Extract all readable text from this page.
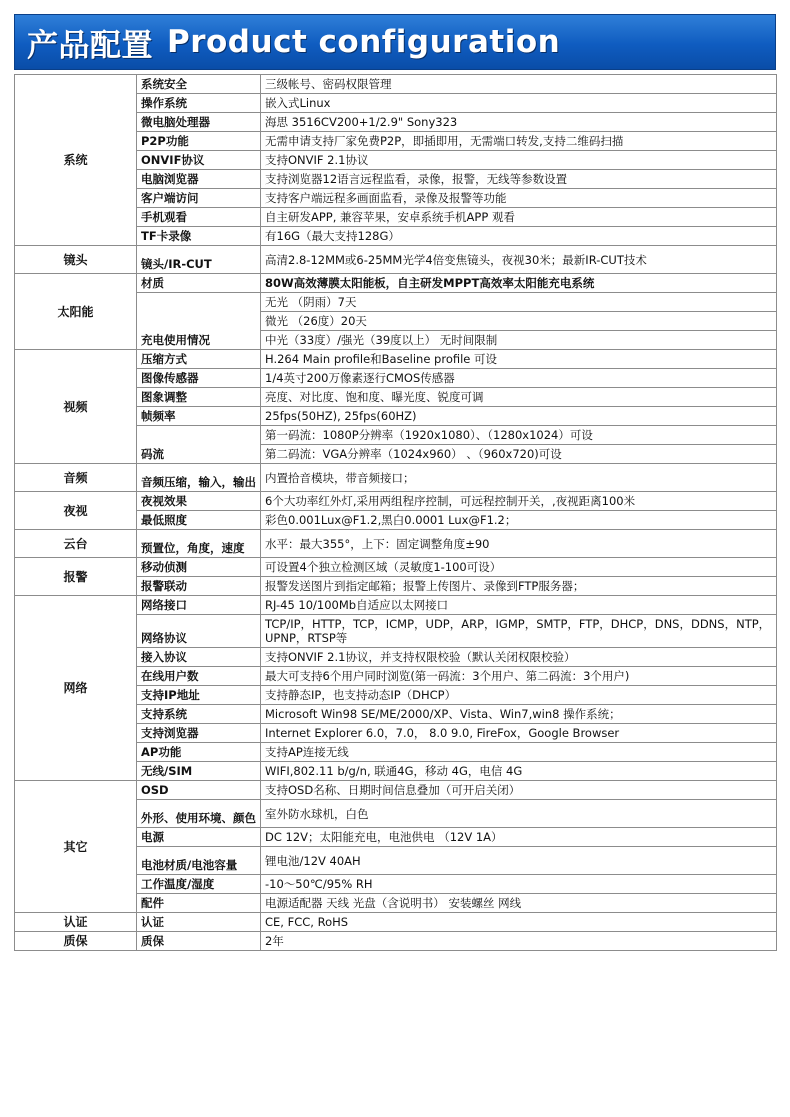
产品配置 Product configuration
系统	系统安全	三级帐号、密码权限管理
	操作系统	嵌入式Linux
	微电脑处理器	海思 3516CV200+1/2.9" Sony323
	P2P功能	无需申请支持厂家免费P2P，即插即用，无需端口转发,支持二维码扫描
	ONVIF协议	支持ONVIF 2.1协议
	电脑浏览器	支持浏览器12语言远程监看，录像，报警，无线等参数设置
	客户端访问	支持客户端远程多画面监看，录像及报警等功能
	手机观看	自主研发APP, 兼容苹果，安卓系统手机APP 观看
	TF卡录像	有16G（最大支持128G）
镜头	镜头/IR-CUT	高清2.8-12MM或6-25MM光学4倍变焦镜头，夜视30米；最新IR-CUT技术
太阳能	材质	80W高效薄膜太阳能板，自主研发MPPT高效率太阳能充电系统
	充电使用情况	无光 （阴雨）7天
		微光 （26度）20天
		中光（33度）/强光（39度以上） 无时间限制
视频	压缩方式	H.264 Main profile和Baseline profile 可设
	图像传感器	1/4英寸200万像素逐行CMOS传感器
	图象调整	亮度、对比度、饱和度、曝光度、锐度可调
	帧频率	25fps(50HZ), 25fps(60HZ)
	码流	第一码流：1080P分辨率（1920x1080）、（1280x1024）可设
		第二码流：VGA分辨率（1024x960） 、（960x720)可设
音频	音频压缩，输入，输出	内置拾音模块，带音频接口；
夜视	夜视效果	6个大功率红外灯,采用两组程序控制，可远程控制开关，,夜视距离100米
	最低照度	彩色0.001Lux@F1.2,黑白0.0001 Lux@F1.2；
云台	预置位，角度，速度	水平：最大355°，上下：固定调整角度±90
报警	移动侦测	可设置4个独立检测区域（灵敏度1-100可设）
	报警联动	报警发送图片到指定邮箱；报警上传图片、录像到FTP服务器；
网络	网络接口	RJ-45 10/100Mb自适应以太网接口
	网络协议	TCP/IP，HTTP，TCP，ICMP，UDP，ARP，IGMP，SMTP，FTP，DHCP，DNS，DDNS，NTP，UPNP，RTSP等
	接入协议	支持ONVIF 2.1协议，并支持权限校验（默认关闭权限校验）
	在线用户数	最大可支持6个用户同时浏览(第一码流：3个用户、第二码流：3个用户)
	支持IP地址	支持静态IP，也支持动态IP（DHCP）
	支持系统	Microsoft Win98 SE/ME/2000/XP、Vista、Win7,win8 操作系统；
	支持浏览器	Internet Explorer 6.0，7.0， 8.0 9.0, FireFox，Google Browser
	AP功能	支持AP连接无线
	无线/SIM	WIFI,802.11 b/g/n, 联通4G，移动 4G，电信 4G
其它	OSD	支持OSD名称、日期时间信息叠加（可开启关闭）
	外形、使用环境、颜色	室外防水球机，白色
	电源	DC 12V；太阳能充电，电池供电 （12V 1A）
	电池材质/电池容量	锂电池/12V 40AH
	工作温度/湿度	-10～50℃/95% RH
	配件	电源适配器 天线 光盘（含说明书） 安装螺丝 网线
认证	认证	CE, FCC, RoHS
质保	质保	2年
